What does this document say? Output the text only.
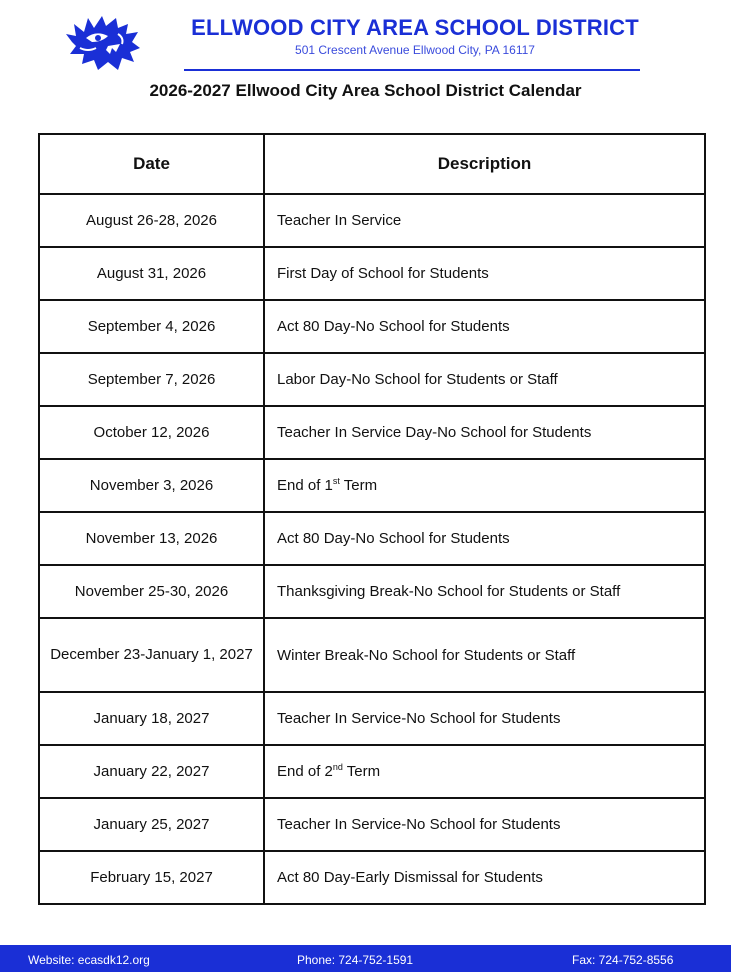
ELLWOOD CITY AREA SCHOOL DISTRICT
501 Crescent Avenue Ellwood City, PA 16117
2026-2027 Ellwood City Area School District Calendar
Date	Description
August 26-28, 2026	Teacher In Service
August 31, 2026	First Day of School for Students
September 4, 2026	Act 80 Day-No School for Students
September 7, 2026	Labor Day-No School for Students or Staff
October 12, 2026	Teacher In Service Day-No School for Students
November 3, 2026	End of 1st Term
November 13, 2026	Act 80 Day-No School for Students
November 25-30, 2026	Thanksgiving Break-No School for Students or Staff
December 23-January 1, 2027	Winter Break-No School for Students or Staff
January 18, 2027	Teacher In Service-No School for Students
January 22, 2027	End of 2nd Term
January 25, 2027	Teacher In Service-No School for Students
February 15, 2027	Act 80 Day-Early Dismissal for Students
Website: ecasdk12.org	Phone: 724-752-1591	Fax: 724-752-8556
